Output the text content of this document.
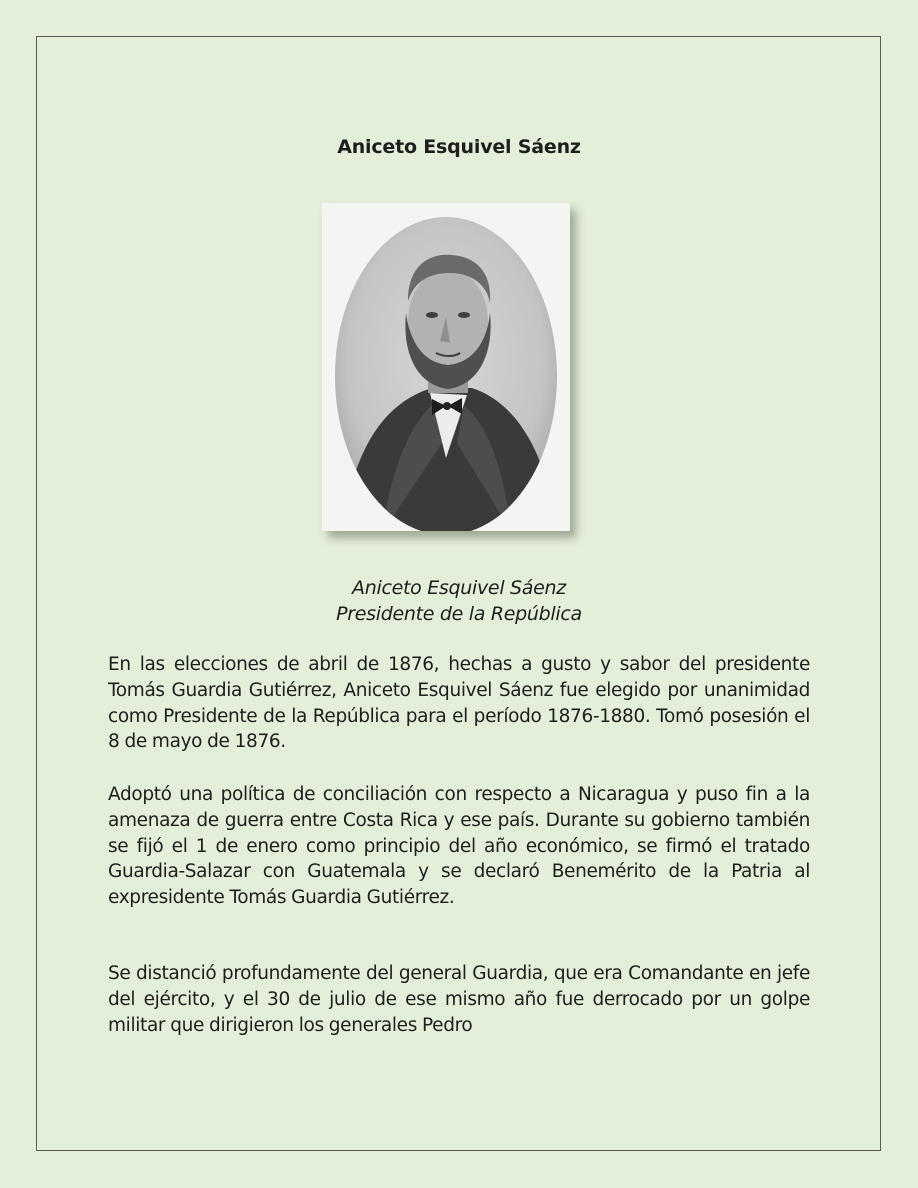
Aniceto Esquivel Sáenz
Aniceto Esquivel Sáenz
Presidente de la República

En las elecciones de abril de 1876, hechas a gusto y sabor del presidente Tomás Guardia Gutiérrez, Aniceto Esquivel Sáenz fue elegido por unanimidad como Presidente de la República para el período 1876-1880. Tomó posesión el 8 de mayo de 1876.

Adoptó una política de conciliación con respecto a Nicaragua y puso fin a la amenaza de guerra entre Costa Rica y ese país. Durante su gobierno también se fijó el 1 de enero como principio del año económico, se firmó el tratado Guardia-Salazar con Guatemala y se declaró Benemérito de la Patria al expresidente Tomás Guardia Gutiérrez.

Se distanció profundamente del general Guardia, que era Comandante en jefe del ejército, y el 30 de julio de ese mismo año fue derrocado por un golpe militar que dirigieron los generales Pedro
